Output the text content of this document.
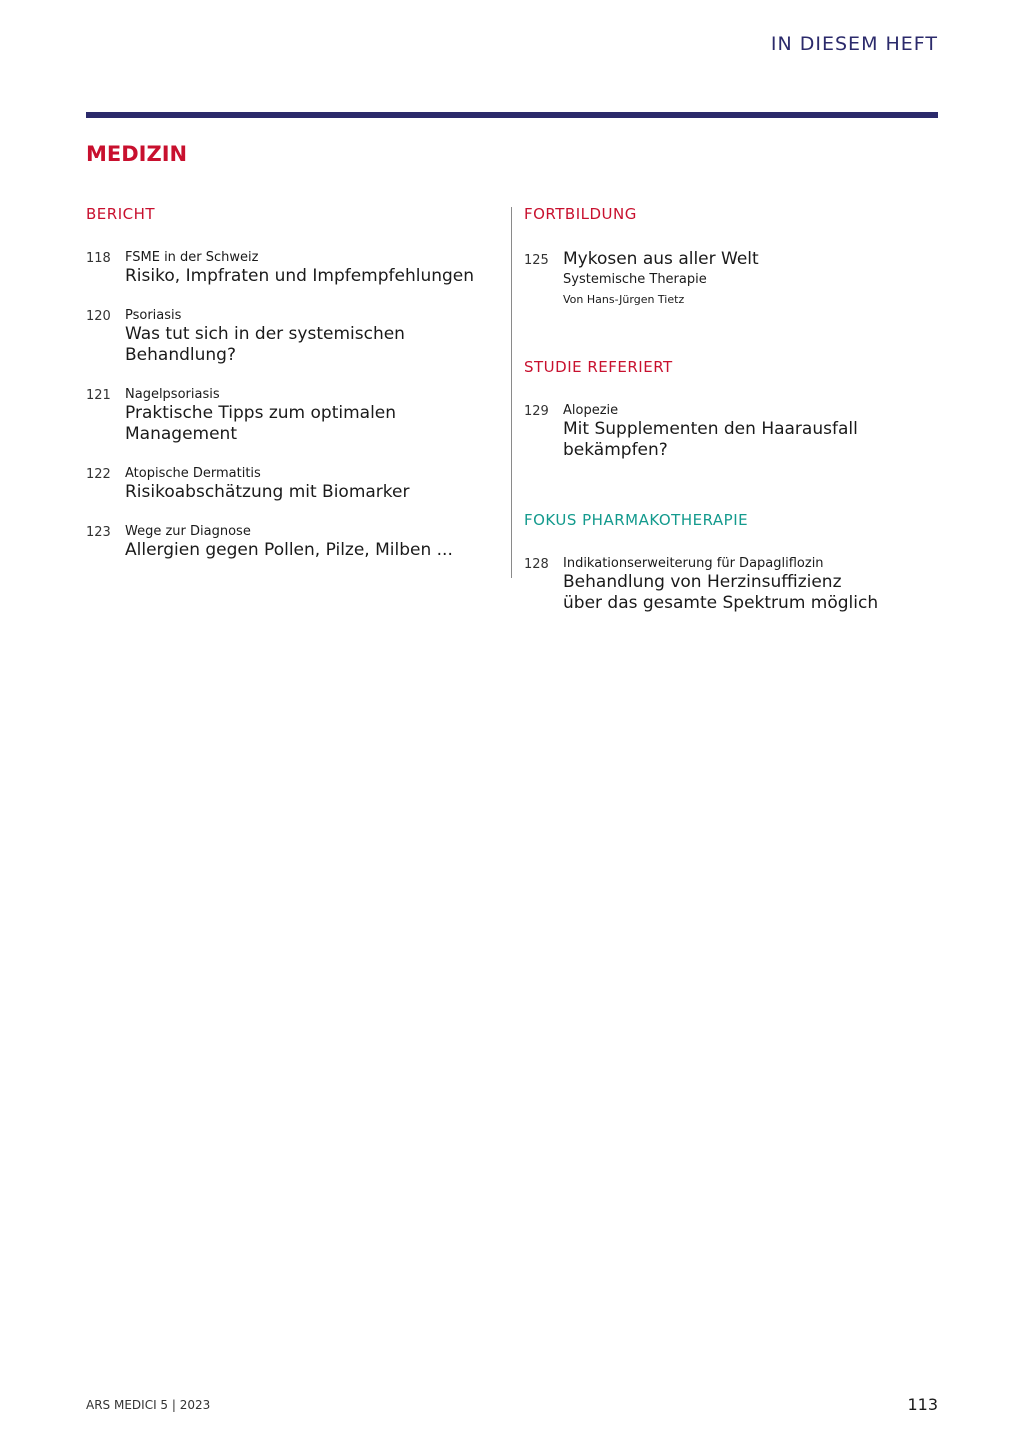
IN DIESEM HEFT
MEDIZIN
BERICHT
118	FSME in der Schweiz
Risiko, Impfraten und Impfempfehlungen
120	Psoriasis
Was tut sich in der systemischen Behandlung?
121	Nagelpsoriasis
Praktische Tipps zum optimalen Management
122	Atopische Dermatitis
Risikoabschätzung mit Biomarker
123	Wege zur Diagnose
Allergien gegen Pollen, Pilze, Milben ...
FORTBILDUNG
125 Mykosen aus aller Welt
Systemische Therapie
Von Hans-Jürgen Tietz
STUDIE REFERIERT
129	Alopezie
Mit Supplementen den Haarausfall
bekämpfen?
FOKUS PHARMAKOTHERAPIE
128	Indikationserweiterung für Dapagliflozin
Behandlung von Herzinsuffizienz
über das gesamte Spektrum möglich
ARS MEDICI 5 | 2023	113
